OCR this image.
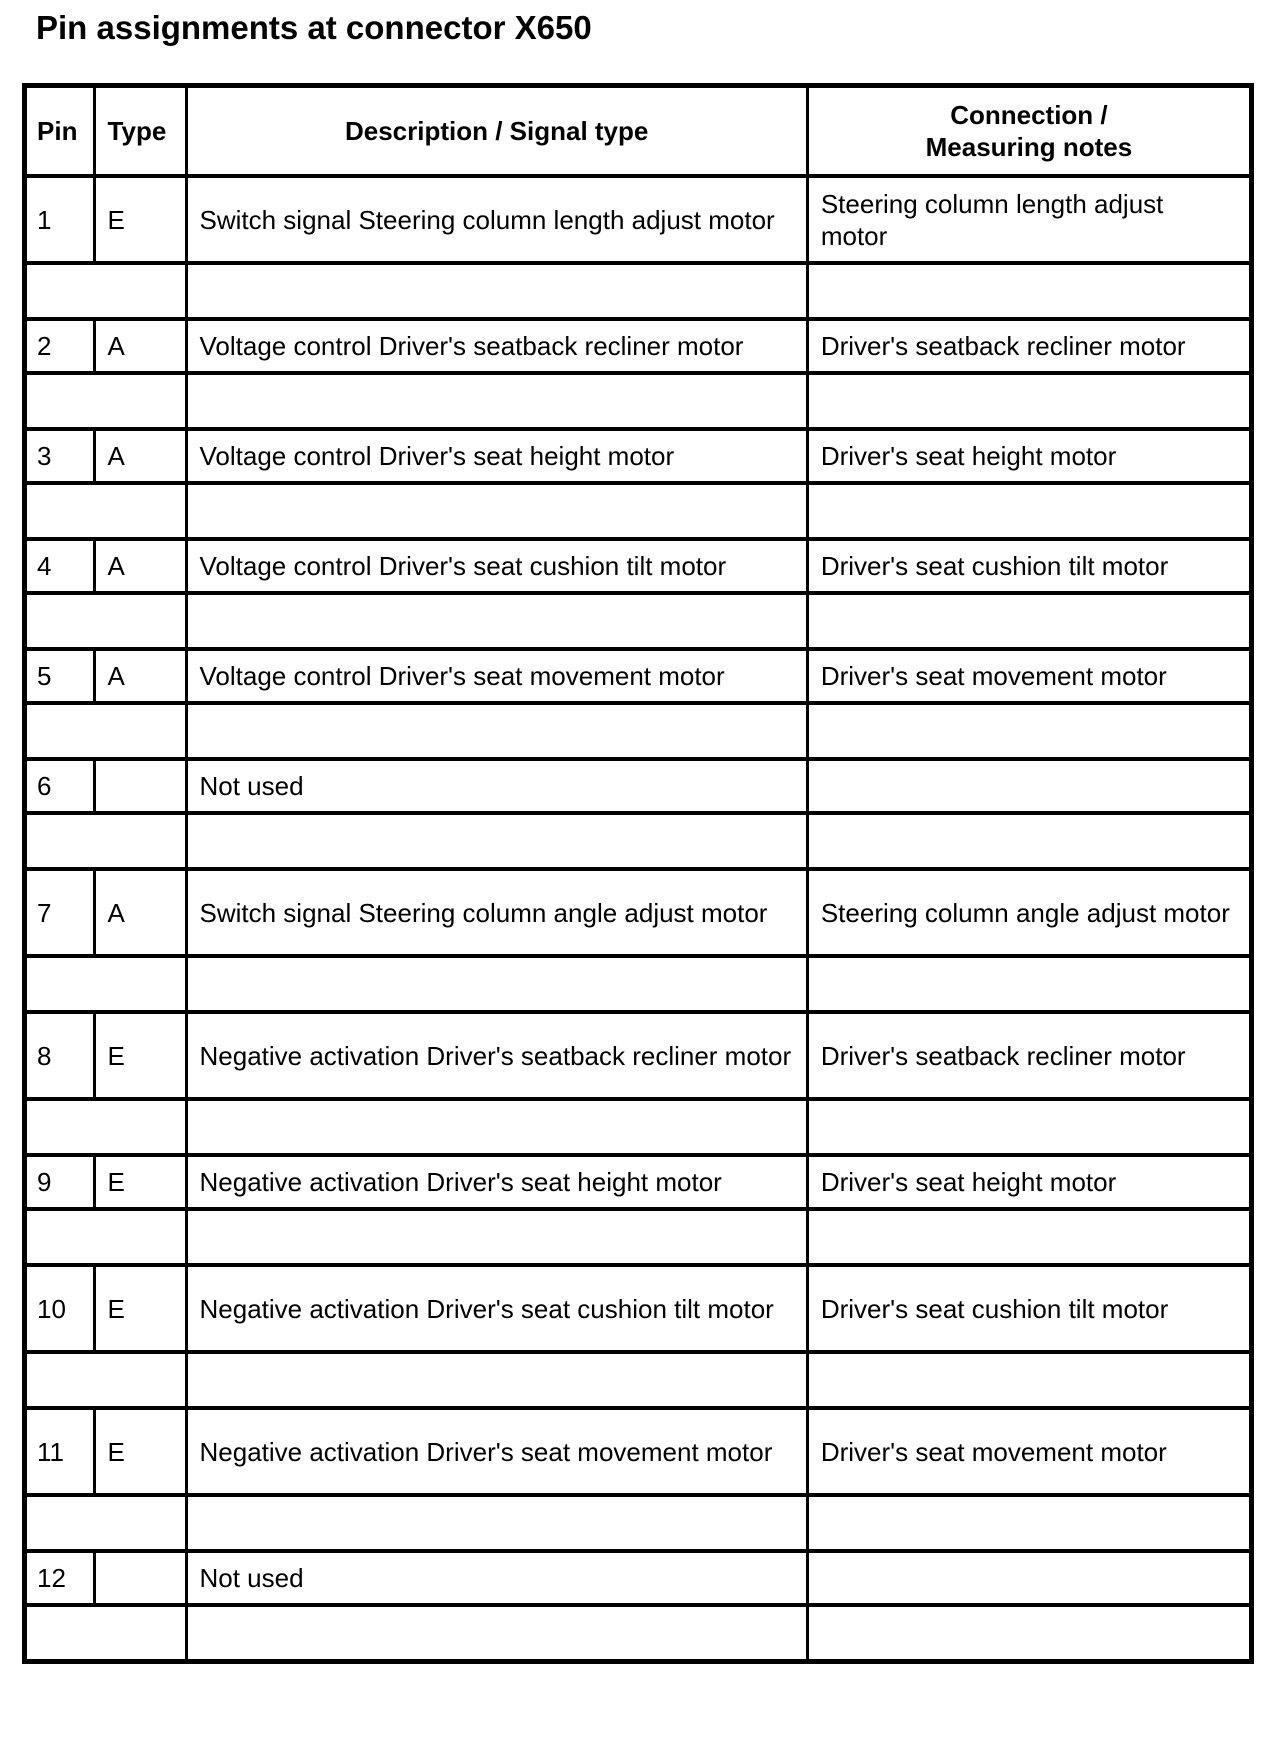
Pin assignments at connector X650
Pin	Type	Description / Signal type	Connection /
Measuring notes
1	E	Switch signal Steering column length adjust motor	Steering column length adjust motor

2	A	Voltage control Driver's seatback recliner motor	Driver's seatback recliner motor

3	A	Voltage control Driver's seat height motor	Driver's seat height motor

4	A	Voltage control Driver's seat cushion tilt motor	Driver's seat cushion tilt motor

5	A	Voltage control Driver's seat movement motor	Driver's seat movement motor

6		Not used	

7	A	Switch signal Steering column angle adjust motor	Steering column angle adjust motor

8	E	Negative activation Driver's seatback recliner motor	Driver's seatback recliner motor

9	E	Negative activation Driver's seat height motor	Driver's seat height motor

10	E	Negative activation Driver's seat cushion tilt motor	Driver's seat cushion tilt motor

11	E	Negative activation Driver's seat movement motor	Driver's seat movement motor

12		Not used	
